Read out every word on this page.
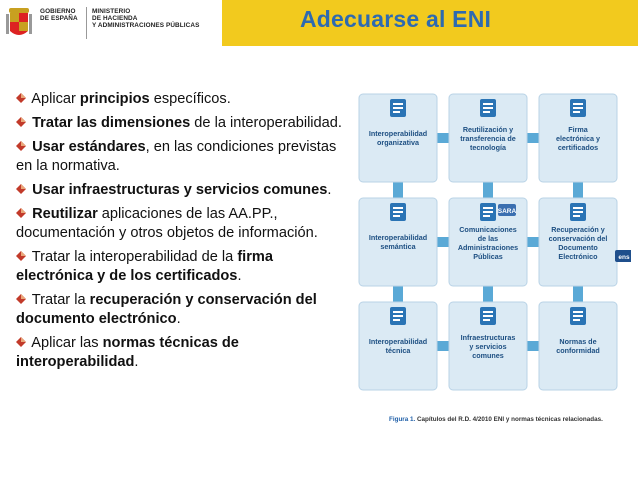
GOBIERNO
DE ESPAÑA
MINISTERIO
DE HACIENDA
Y ADMINISTRACIONES PÚBLICAS	Adecuarse al ENI
Aplicar principios específicos.
Tratar las dimensiones de la interoperabilidad.
Usar estándares, en las condiciones previstas en la normativa.
Usar infraestructuras y servicios comunes.
Reutilizar aplicaciones de las AA.PP., documentación y otros objetos de información.
Tratar la interoperabilidad de la firma electrónica y de los certificados.
Tratar la recuperación y conservación del documento electrónico.
Aplicar las normas técnicas de interoperabilidad.
Interoperabilidad organizativa
Reutilización y transferencia de tecnología
Firma electrónica y certificados
Interoperabilidad semántica
SARA
Comunicaciones de las Administraciones Públicas	ens
Recuperación y conservación del Documento Electrónico
Interoperabilidad técnica
Infraestructuras y servicios comunes
Normas de conformidad
Figura 1. Capítulos del R.D. 4/2010 ENI y normas técnicas relacionadas.
